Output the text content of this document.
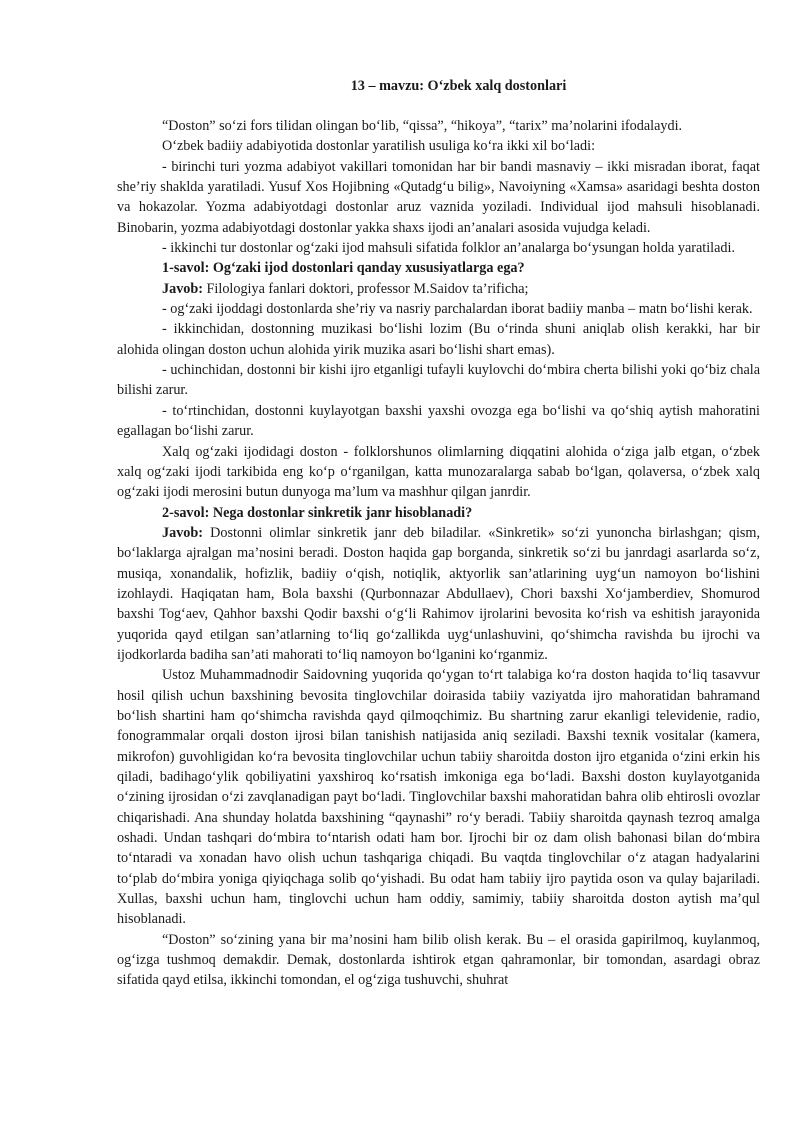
13 – mavzu: O‘zbek xalq dostonlari

“Doston” so‘zi fors tilidan olingan bo‘lib, “qissa”, “hikoya”, “tarix” ma’nolarini ifodalaydi.

O‘zbek badiiy adabiyotida dostonlar yaratilish usuliga ko‘ra ikki xil bo‘ladi:

- birinchi turi yozma adabiyot vakillari tomonidan har bir bandi masnaviy – ikki misradan iborat, faqat she’riy shaklda yaratiladi. Yusuf Xos Hojibning «Qutadg‘u bilig», Navoiyning «Xamsa» asaridagi beshta doston va hokazolar. Yozma adabiyotdagi dostonlar aruz vaznida yoziladi. Individual ijod mahsuli hisoblanadi. Binobarin, yozma adabiyotdagi dostonlar yakka shaxs ijodi an’analari asosida vujudga keladi.

- ikkinchi tur dostonlar og‘zaki ijod mahsuli sifatida folklor an’analarga bo‘ysungan holda yaratiladi.

1-savol: Og‘zaki ijod dostonlari qanday xususiyatlarga ega?

Javob: Filologiya fanlari doktori, professor M.Saidov ta’rificha;

- og‘zaki ijoddagi dostonlarda she’riy va nasriy parchalardan iborat badiiy manba – matn bo‘lishi kerak.

- ikkinchidan, dostonning muzikasi bo‘lishi lozim (Bu o‘rinda shuni aniqlab olish kerakki, har bir alohida olingan doston uchun alohida yirik muzika asari bo‘lishi shart emas).

- uchinchidan, dostonni bir kishi ijro etganligi tufayli kuylovchi do‘mbira cherta bilishi yoki qo‘biz chala bilishi zarur.

- to‘rtinchidan, dostonni kuylayotgan baxshi yaxshi ovozga ega bo‘lishi va qo‘shiq aytish mahoratini egallagan bo‘lishi zarur.

Xalq og‘zaki ijodidagi doston - folklorshunos olimlarning diqqatini alohida o‘ziga jalb etgan, o‘zbek xalq og‘zaki ijodi tarkibida eng ko‘p o‘rganilgan, katta munozaralarga sabab bo‘lgan, qolaversa, o‘zbek xalq og‘zaki ijodi merosini butun dunyoga ma’lum va mashhur qilgan janrdir.

2-savol: Nega dostonlar sinkretik janr hisoblanadi?

Javob: Dostonni olimlar sinkretik janr deb biladilar. «Sinkretik» so‘zi yunoncha birlashgan; qism, bo‘laklarga ajralgan ma’nosini beradi. Doston haqida gap borganda, sinkretik so‘zi bu janrdagi asarlarda so‘z, musiqa, xonandalik, hofizlik, badiiy o‘qish, notiqlik, aktyorlik san’atlarining uyg‘un namoyon bo‘lishini izohlaydi. Haqiqatan ham, Bola baxshi (Qurbonnazar Abdullaev), Chori baxshi Xo‘jamberdiev, Shomurod baxshi Tog‘aev, Qahhor baxshi Qodir baxshi o‘g‘li Rahimov ijrolarini bevosita ko‘rish va eshitish jarayonida yuqorida qayd etilgan san’atlarning to‘liq go‘zallikda uyg‘unlashuvini, qo‘shimcha ravishda bu ijrochi va ijodkorlarda badiha san’ati mahorati to‘liq namoyon bo‘lganini ko‘rganmiz.

Ustoz Muhammadnodir Saidovning yuqorida qo‘ygan to‘rt talabiga ko‘ra doston haqida to‘liq tasavvur hosil qilish uchun baxshining bevosita tinglovchilar doirasida tabiiy vaziyatda ijro mahoratidan bahramand bo‘lish shartini ham qo‘shimcha ravishda qayd qilmoqchimiz. Bu shartning zarur ekanligi televidenie, radio, fonogrammalar orqali doston ijrosi bilan tanishish natijasida aniq seziladi. Baxshi texnik vositalar (kamera, mikrofon) guvohligidan ko‘ra bevosita tinglovchilar uchun tabiiy sharoitda doston ijro etganida o‘zini erkin his qiladi, badihago‘ylik qobiliyatini yaxshiroq ko‘rsatish imkoniga ega bo‘ladi. Baxshi doston kuylayotganida o‘zining ijrosidan o‘zi zavqlanadigan payt bo‘ladi. Tinglovchilar baxshi mahoratidan bahra olib ehtirosli ovozlar chiqarishadi. Ana shunday holatda baxshining “qaynashi” ro‘y beradi. Tabiiy sharoitda qaynash tezroq amalga oshadi. Undan tashqari do‘mbira to‘ntarish odati ham bor. Ijrochi bir oz dam olish bahonasi bilan do‘mbira to‘ntaradi va xonadan havo olish uchun tashqariga chiqadi. Bu vaqtda tinglovchilar o‘z atagan hadyalarini to‘plab do‘mbira yoniga qiyiqchaga solib qo‘yishadi. Bu odat ham tabiiy ijro paytida oson va qulay bajariladi. Xullas, baxshi uchun ham, tinglovchi uchun ham oddiy, samimiy, tabiiy sharoitda doston aytish ma’qul hisoblanadi.

“Doston” so‘zining yana bir ma’nosini ham bilib olish kerak. Bu – el orasida gapirilmoq, kuylanmoq, og‘izga tushmoq demakdir. Demak, dostonlarda ishtirok etgan qahramonlar, bir tomondan, asardagi obraz sifatida qayd etilsa, ikkinchi tomondan, el og‘ziga tushuvchi, shuhrat
